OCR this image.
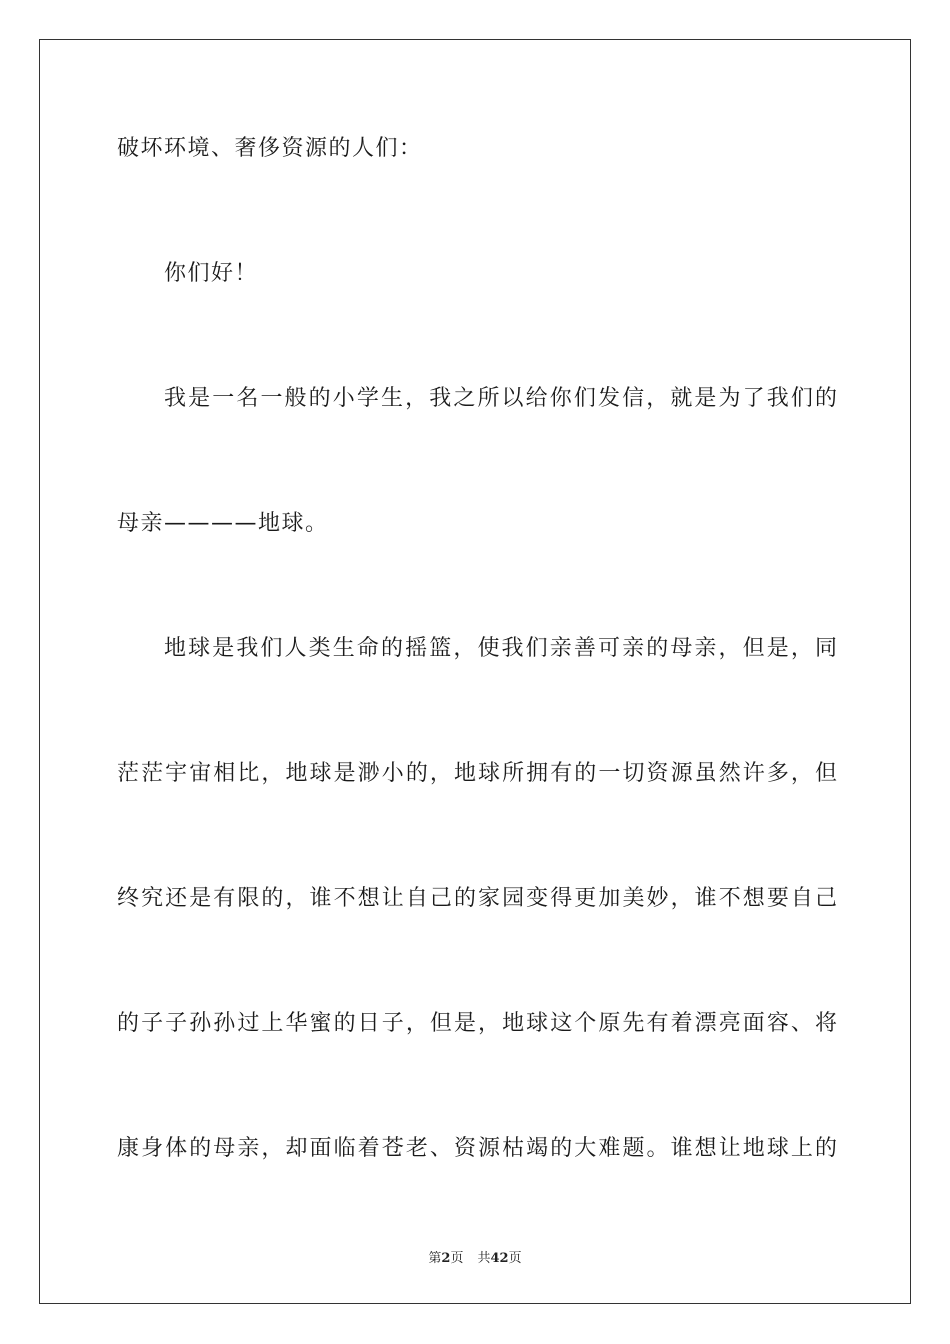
破坏环境、奢侈资源的人们：
你们好！
我是一名一般的小学生，我之所以给你们发信，就是为了我们的
母亲————地球。
地球是我们人类生命的摇篮，使我们亲善可亲的母亲，但是，同
茫茫宇宙相比，地球是渺小的，地球所拥有的一切资源虽然许多，但
终究还是有限的，谁不想让自己的家园变得更加美妙，谁不想要自己
的子子孙孙过上华蜜的日子，但是，地球这个原先有着漂亮面容、将
康身体的母亲，却面临着苍老、资源枯竭的大难题。谁想让地球上的
第2页 共42页
